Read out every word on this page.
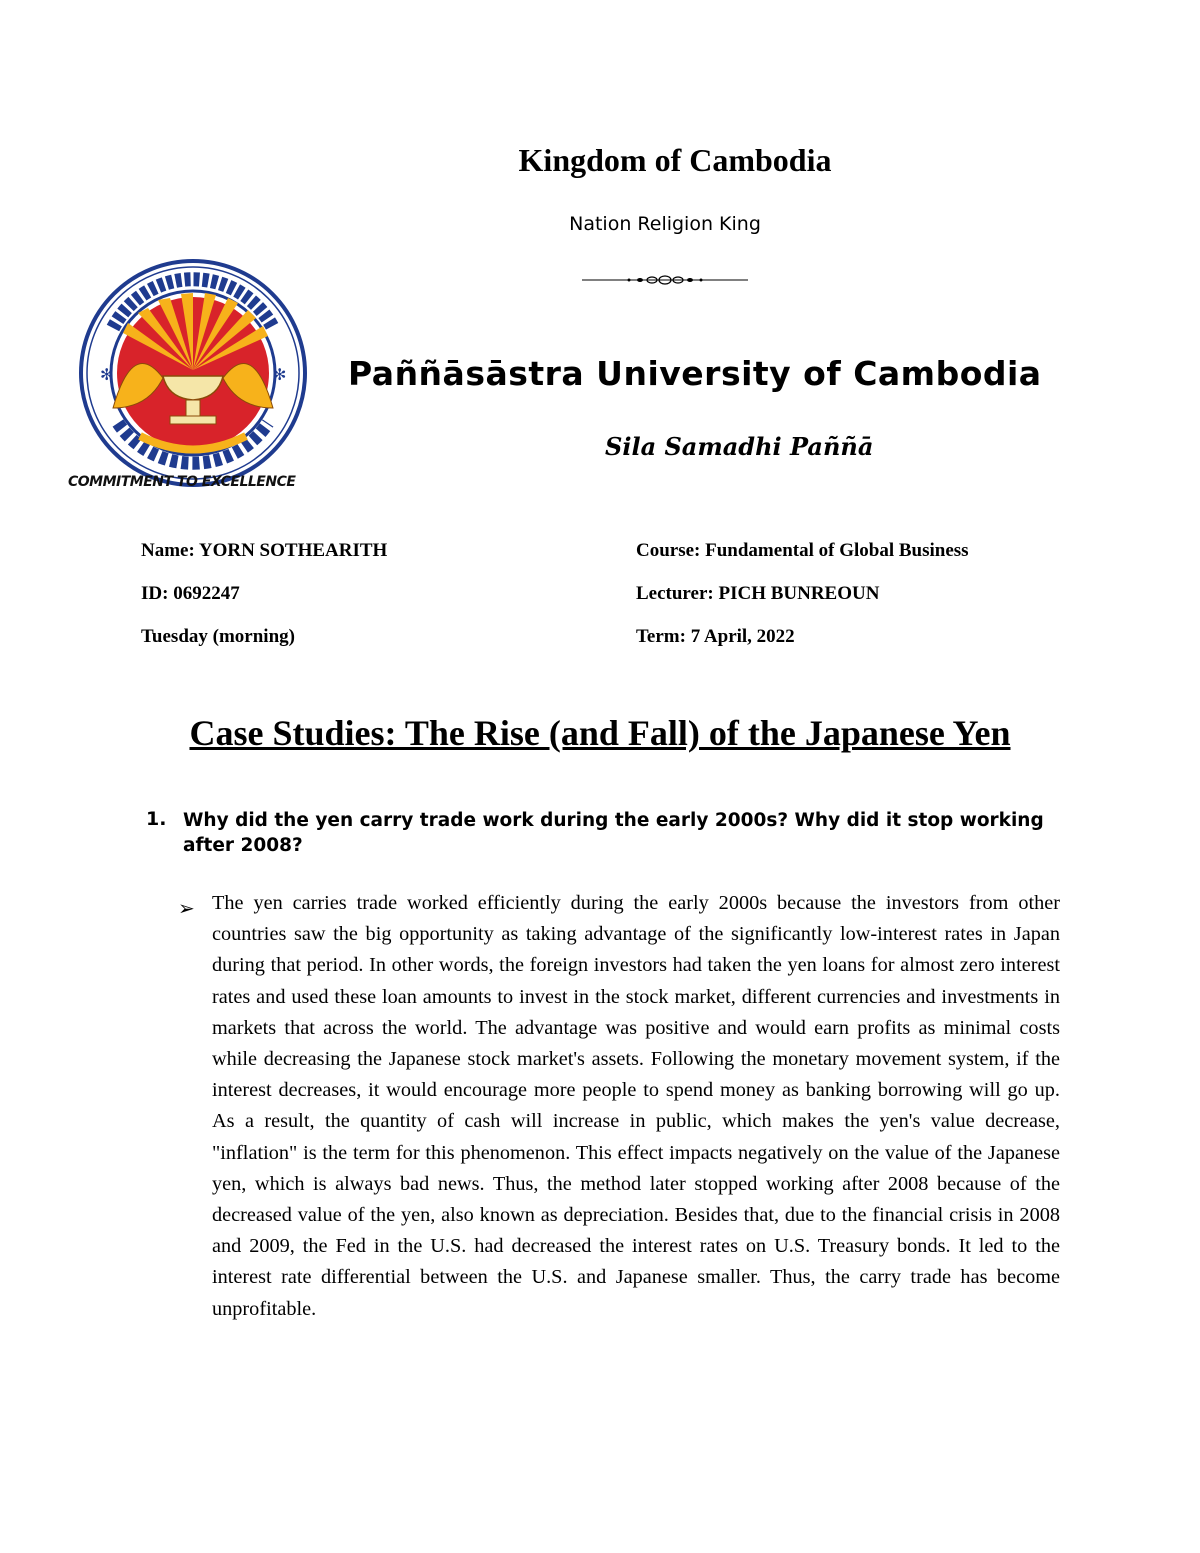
Kingdom of Cambodia
Nation Religion King
✻	✻
COMMITMENT TO EXCELLENCE
Paññāsāstra University of Cambodia
Sila Samadhi Paññā
Name: YORN SOTHEARITH
ID: 0692247
Tuesday (morning)
Course: Fundamental of Global Business
Lecturer: PICH BUNREOUN
Term: 7 April, 2022
Case Studies: The Rise (and Fall) of the Japanese Yen
1. Why did the yen carry trade work during the early 2000s? Why did it stop working after 2008?
➢ The yen carries trade worked efficiently during the early 2000s because the investors from other countries saw the big opportunity as taking advantage of the significantly low-interest rates in Japan during that period. In other words, the foreign investors had taken the yen loans for almost zero interest rates and used these loan amounts to invest in the stock market, different currencies and investments in markets that across the world. The advantage was positive and would earn profits as minimal costs while decreasing the Japanese stock market's assets. Following the monetary movement system, if the interest decreases, it would encourage more people to spend money as banking borrowing will go up. As a result, the quantity of cash will increase in public, which makes the yen's value decrease, "inflation" is the term for this phenomenon. This effect impacts negatively on the value of the Japanese yen, which is always bad news. Thus, the method later stopped working after 2008 because of the decreased value of the yen, also known as depreciation. Besides that, due to the financial crisis in 2008 and 2009, the Fed in the U.S. had decreased the interest rates on U.S. Treasury bonds. It led to the interest rate differential between the U.S. and Japanese smaller. Thus, the carry trade has become unprofitable.
